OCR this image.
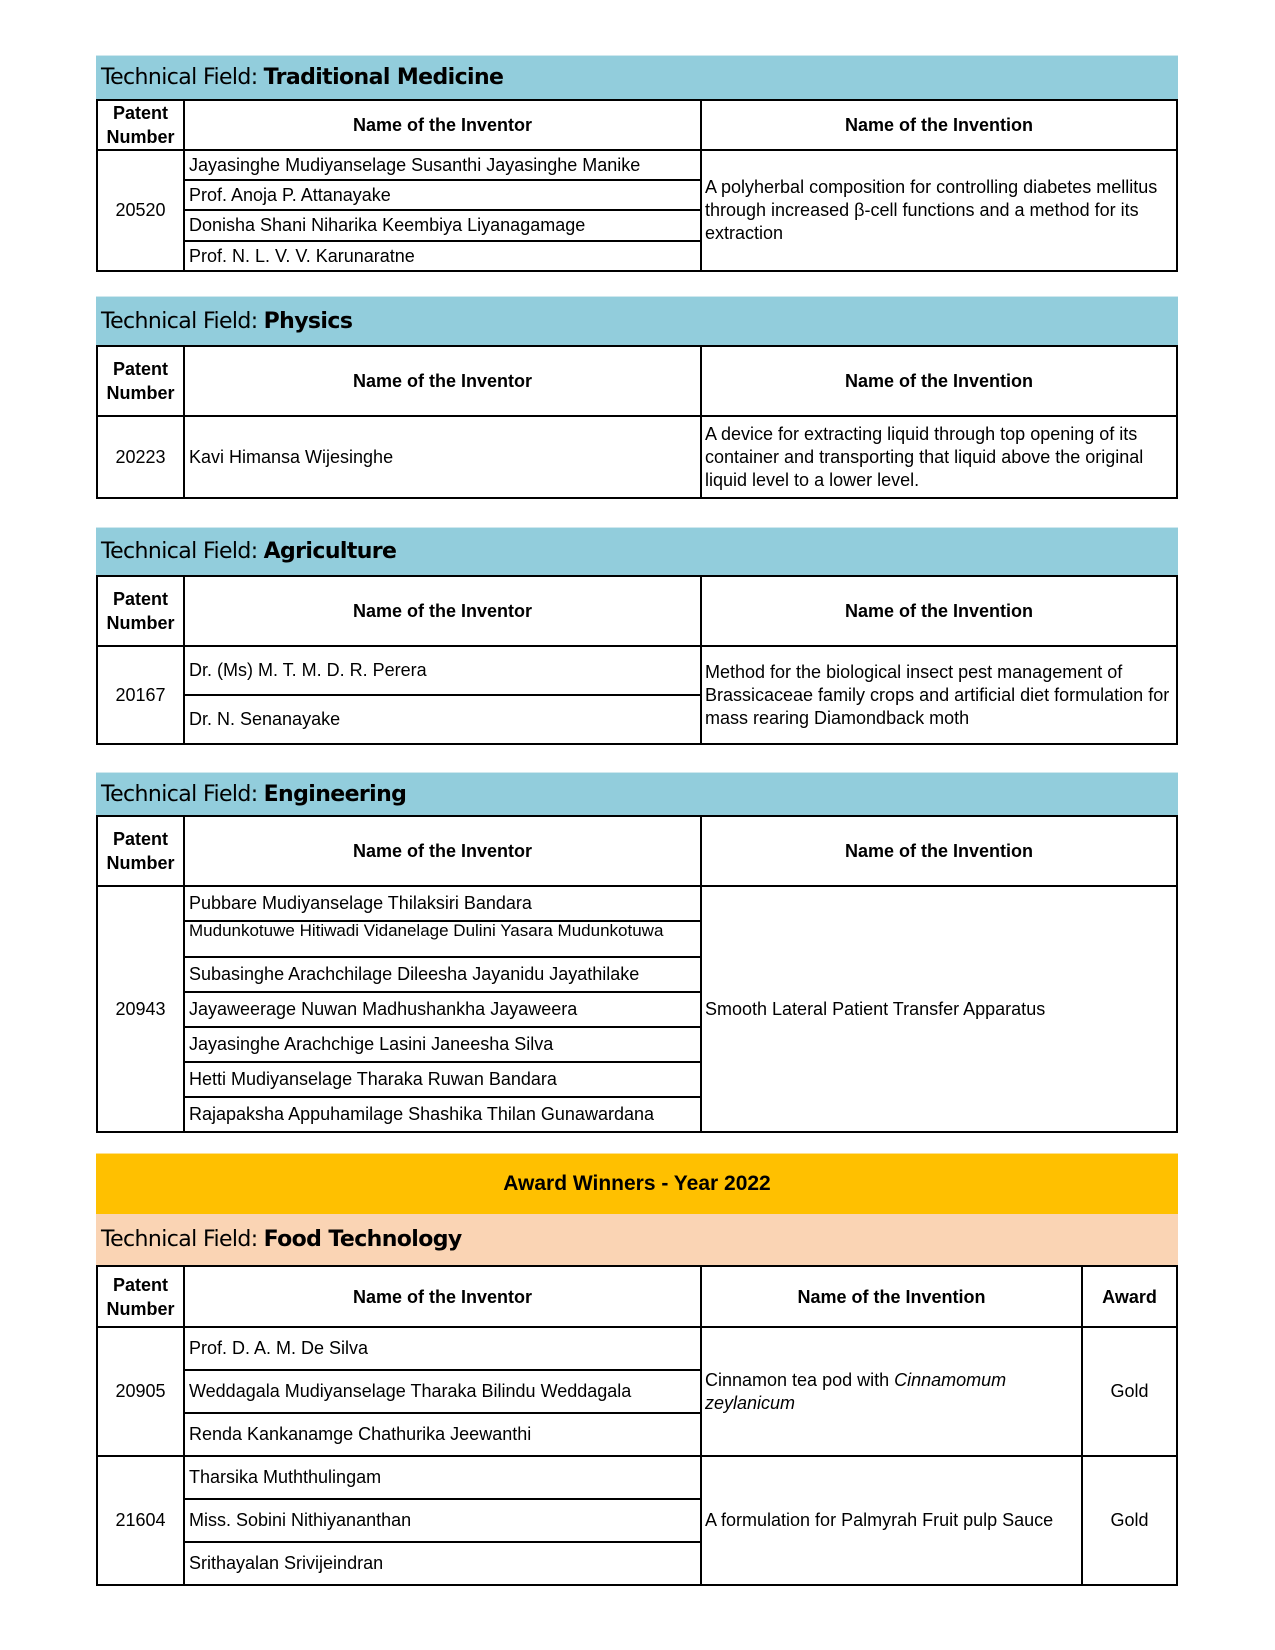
Technical Field: Traditional Medicine
Patent Number	Name of the Inventor	Name of the Invention
20520	Jayasinghe Mudiyanselage Susanthi Jayasinghe Manike	A polyherbal composition for controlling diabetes mellitus through increased β-cell functions and a method for its extraction
	Prof. Anoja P. Attanayake	
	Donisha Shani Niharika Keembiya Liyanagamage	
	Prof. N. L. V. V. Karunaratne	
Technical Field: Physics
Patent Number	Name of the Inventor	Name of the Invention
20223	Kavi Himansa Wijesinghe	A device for extracting liquid through top opening of its container and transporting that liquid above the original liquid level to a lower level.
Technical Field: Agriculture
Patent Number	Name of the Inventor	Name of the Invention
20167	Dr. (Ms) M. T. M. D. R. Perera	Method for the biological insect pest management of Brassicaceae family crops and artificial diet formulation for mass rearing Diamondback moth
	Dr. N. Senanayake	
Technical Field: Engineering
Patent Number	Name of the Inventor	Name of the Invention
20943	Pubbare Mudiyanselage Thilaksiri Bandara	Smooth Lateral Patient Transfer Apparatus

	Mudunkotuwe Hitiwadi Vidanelage Dulini Yasara Mudunkotuwa	

	Subasinghe Arachchilage Dileesha Jayanidu Jayathilake	
	Jayaweerage Nuwan Madhushankha Jayaweera	
	Jayasinghe Arachchige Lasini Janeesha Silva	
	Hetti Mudiyanselage Tharaka Ruwan Bandara	
	Rajapaksha Appuhamilage Shashika Thilan Gunawardana	
Award Winners - Year 2022
Technical Field: Food Technology
Patent Number	Name of the Inventor	Name of the Invention	Award
20905	Prof. D. A. M. De Silva	Cinnamon tea pod with Cinnamomum zeylanicum	Gold
	Weddagala Mudiyanselage Tharaka Bilindu Weddagala		
	Renda Kankanamge Chathurika Jeewanthi		
21604	Tharsika Muththulingam	A formulation for Palmyrah Fruit pulp Sauce	Gold
	Miss. Sobini Nithiyananthan		
	Srithayalan Srivijeindran		
